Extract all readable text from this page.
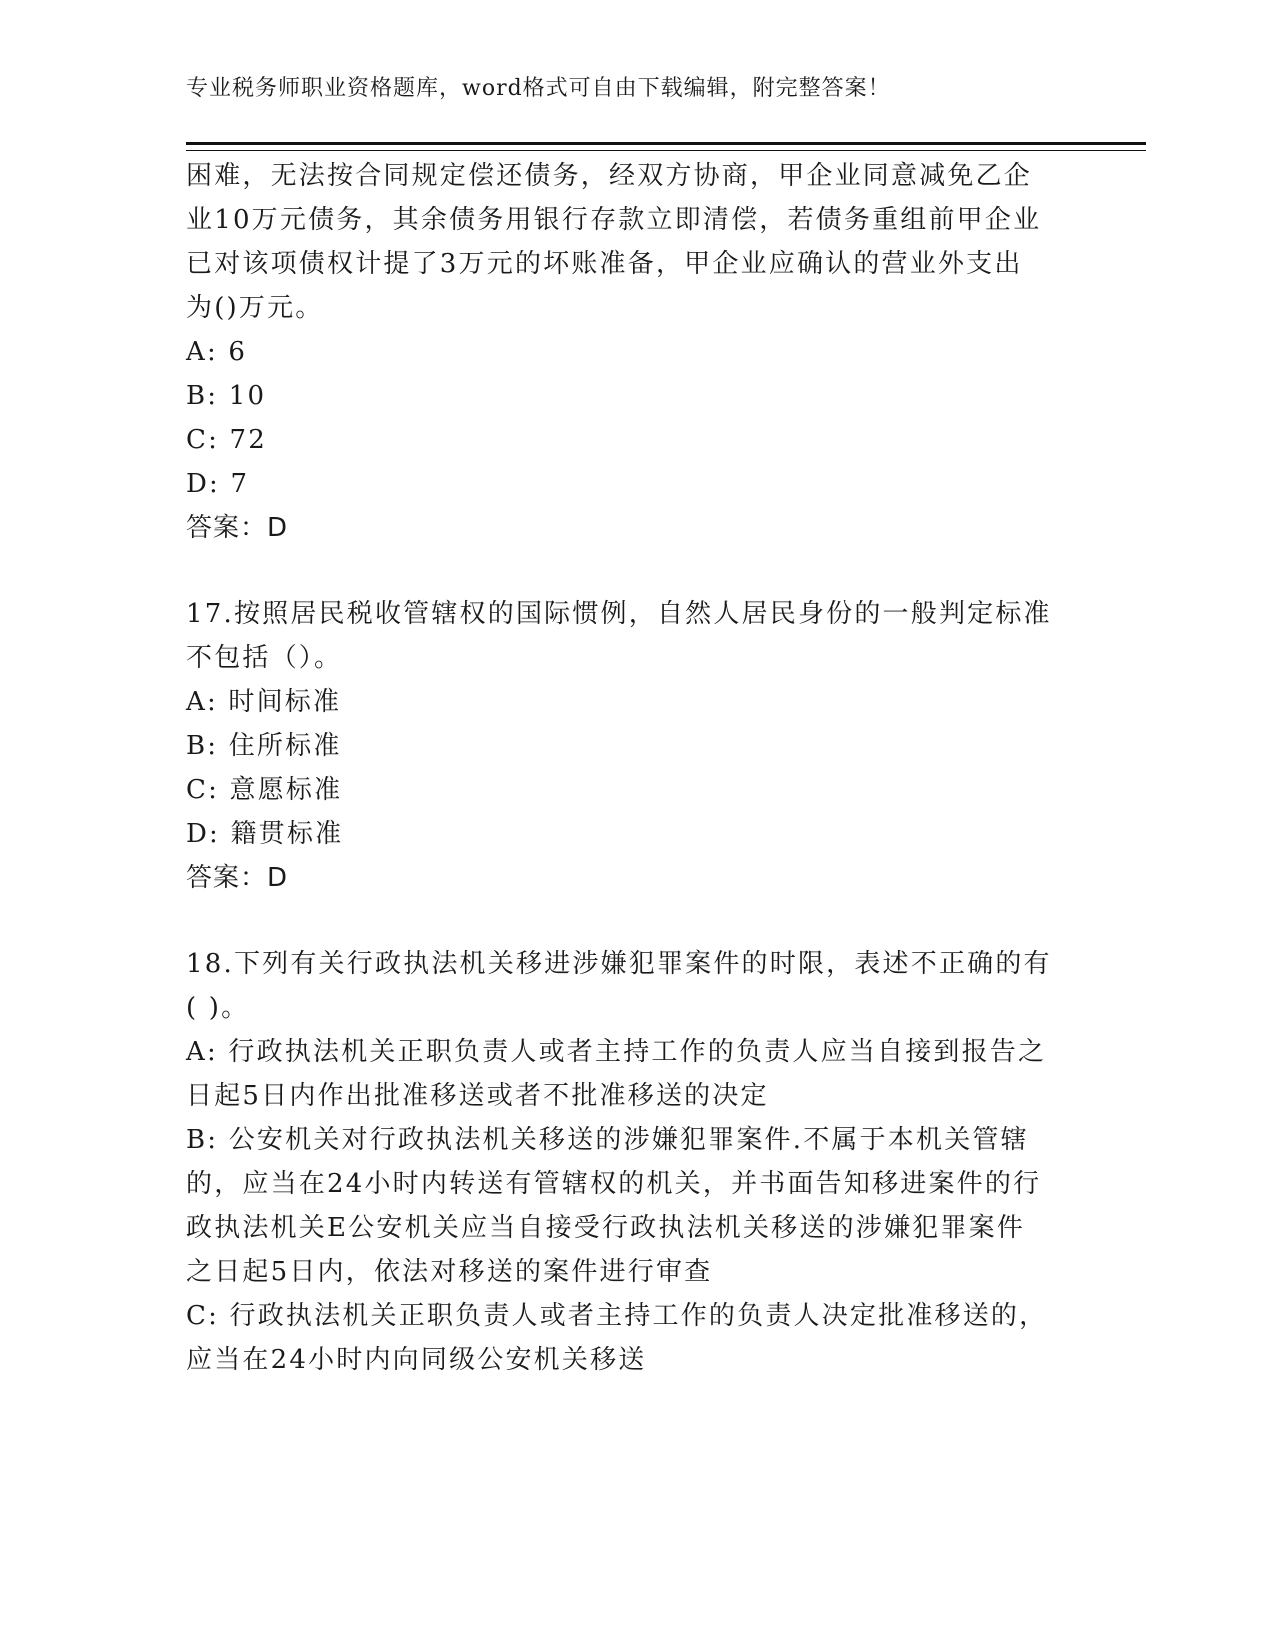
专业税务师职业资格题库，word格式可自由下载编辑，附完整答案！
困难，无法按合同规定偿还债务，经双方协商，甲企业同意减免乙企
业10万元债务，其余债务用银行存款立即清偿，若债务重组前甲企业
已对该项债权计提了3万元的坏账准备，甲企业应确认的营业外支出
为()万元。
A: 6
B: 10
C: 72
D: 7
答案：D
17.按照居民税收管辖权的国际惯例，自然人居民身份的一般判定标准
不包括（）。
A: 时间标准
B: 住所标准
C: 意愿标准
D: 籍贯标准
答案：D
18.下列有关行政执法机关移进涉嫌犯罪案件的时限，表述不正确的有
( )。
A: 行政执法机关正职负责人或者主持工作的负责人应当自接到报告之
日起5日内作出批准移送或者不批准移送的决定
B: 公安机关对行政执法机关移送的涉嫌犯罪案件.不属于本机关管辖
的，应当在24小时内转送有管辖权的机关，并书面告知移进案件的行
政执法机关E公安机关应当自接受行政执法机关移送的涉嫌犯罪案件
之日起5日内，依法对移送的案件进行审查
C: 行政执法机关正职负责人或者主持工作的负责人决定批准移送的，
应当在24小时内向同级公安机关移送
